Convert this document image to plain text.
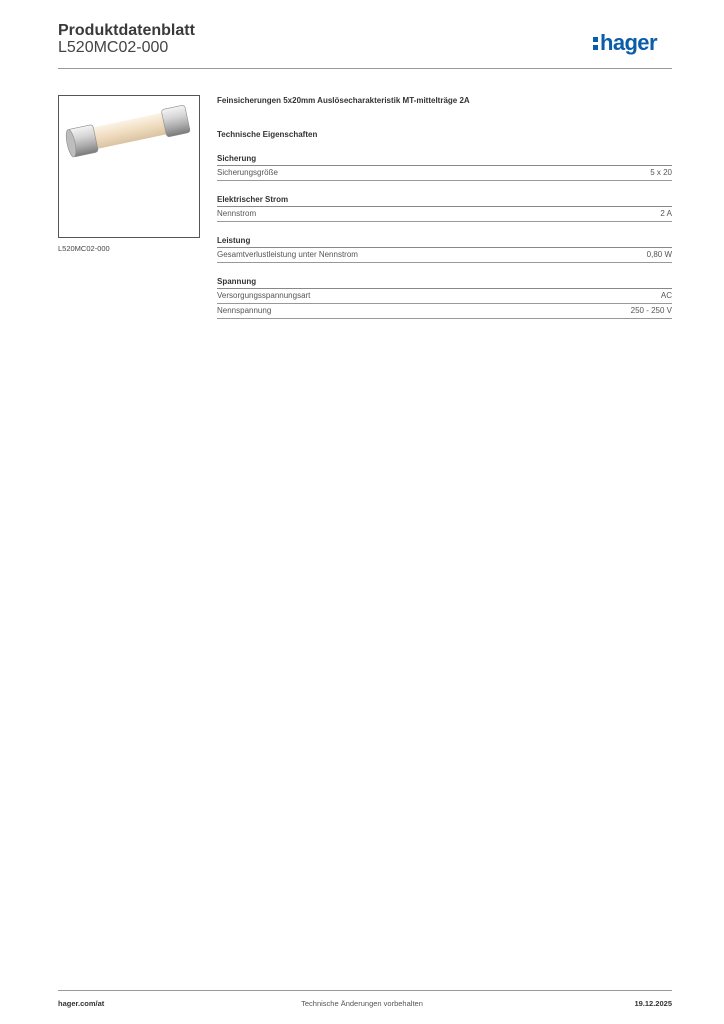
Produktdatenblatt
L520MC02-000	hager
L520MC02-000
Feinsicherungen 5x20mm Auslösecharakteristik MT-mittelträge 2A
Technische Eigenschaften
Sicherung
Sicherungsgröße	5 x 20
Elektrischer Strom
Nennstrom	2 A
Leistung
Gesamtverlustleistung unter Nennstrom	0,80 W
Spannung
Versorgungsspannungsart	AC
Nennspannung	250 - 250 V
hager.com/at	Technische Änderungen vorbehalten	19.12.2025
